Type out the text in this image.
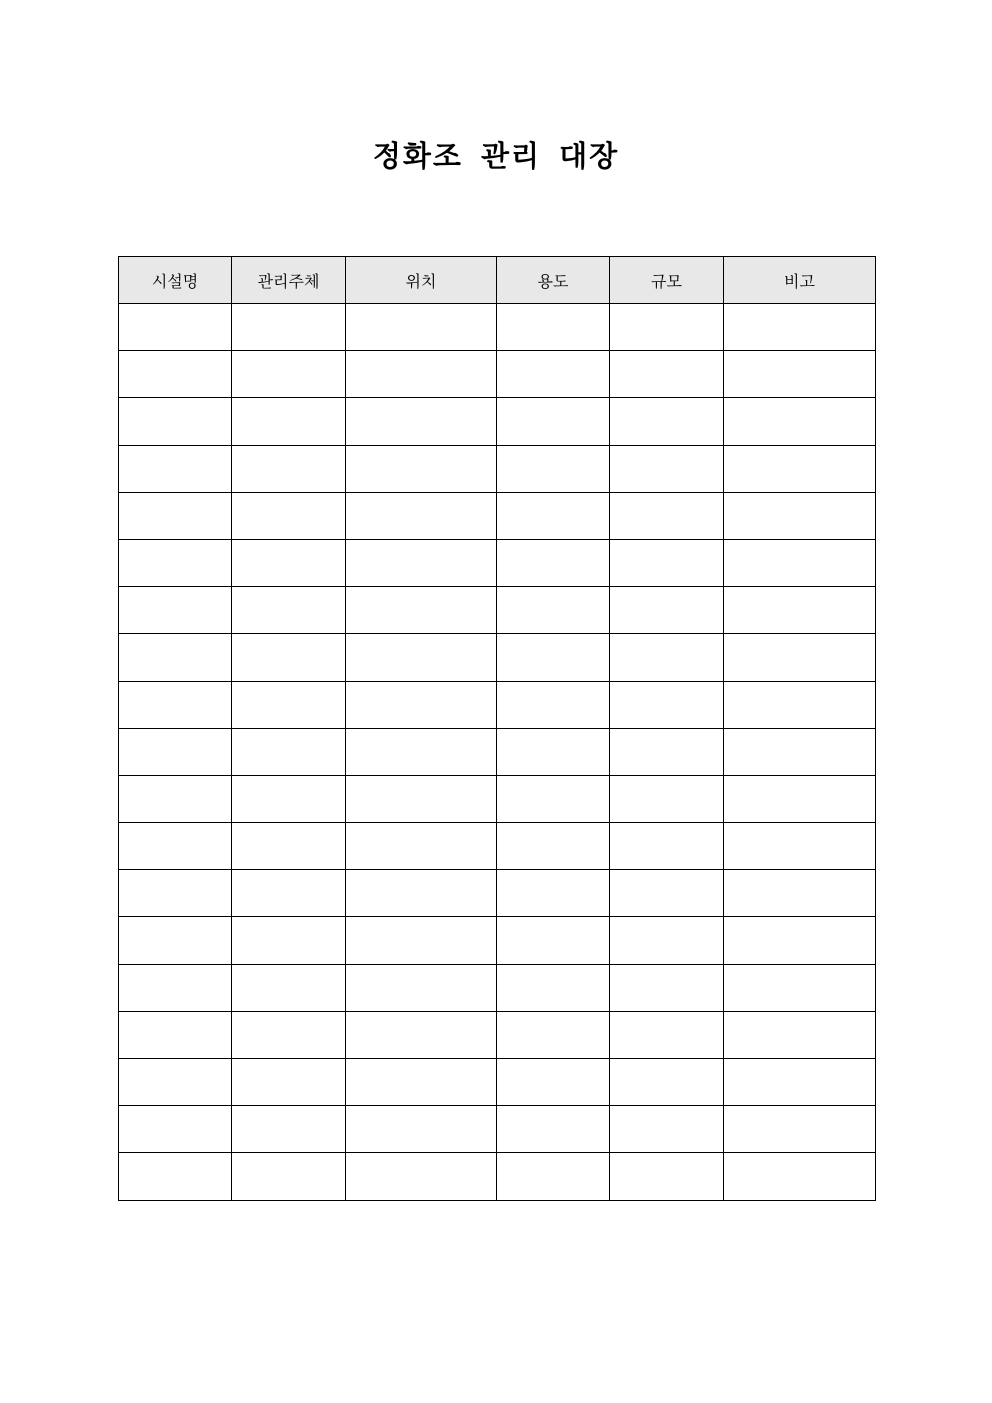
정화조 관리 대장
시설명	관리주체	위치	용도	규모	비고
